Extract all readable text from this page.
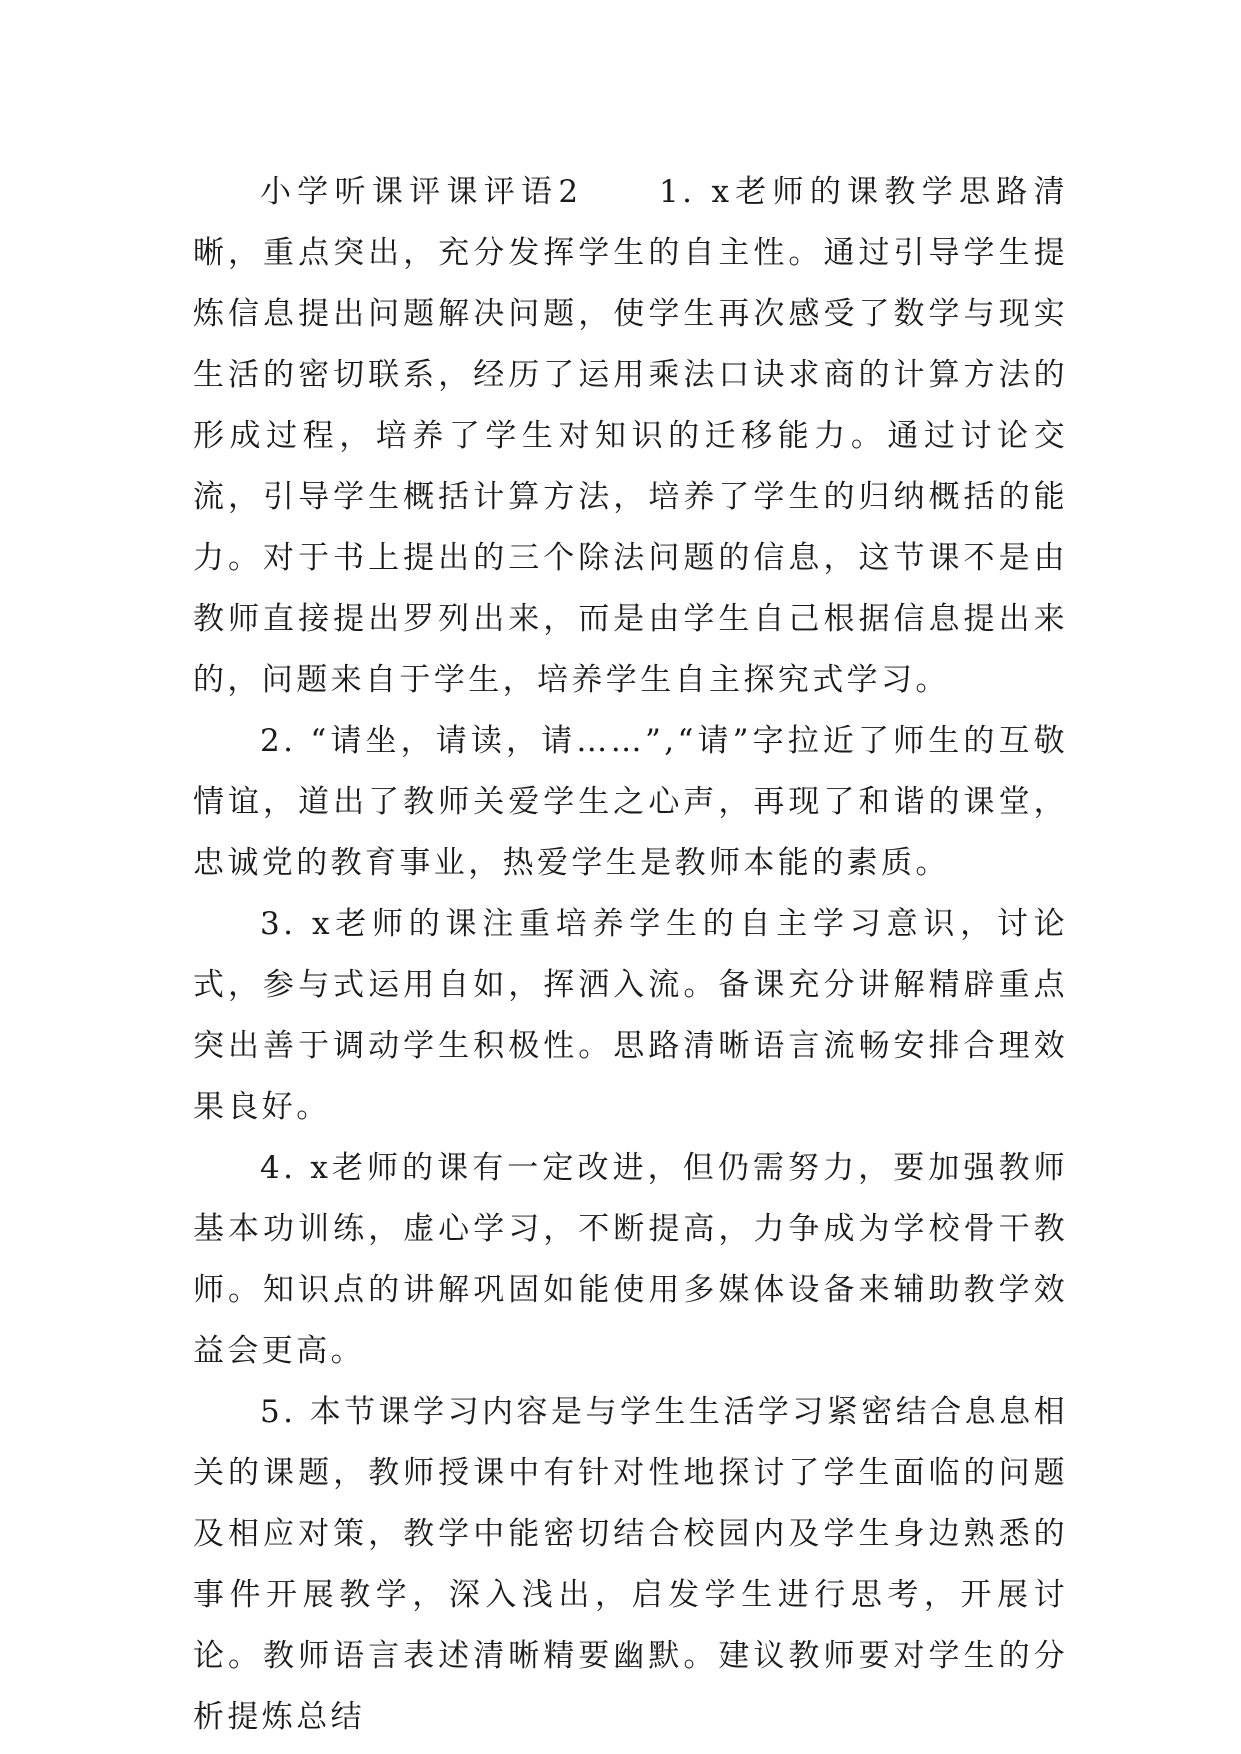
小学听课评课评语2　　1. x老师的课教学思路清晰，重点突出，充分发挥学生的自主性。通过引导学生提炼信息提出问题解决问题，使学生再次感受了数学与现实生活的密切联系，经历了运用乘法口诀求商的计算方法的形成过程，培养了学生对知识的迁移能力。通过讨论交流，引导学生概括计算方法，培养了学生的归纳概括的能力。对于书上提出的三个除法问题的信息，这节课不是由教师直接提出罗列出来，而是由学生自己根据信息提出来的，问题来自于学生，培养学生自主探究式学习。

2. “请坐，请读，请……”,“请”字拉近了师生的互敬情谊，道出了教师关爱学生之心声，再现了和谐的课堂，忠诚党的教育事业，热爱学生是教师本能的素质。

3. x老师的课注重培养学生的自主学习意识，讨论式，参与式运用自如，挥洒入流。备课充分讲解精辟重点突出善于调动学生积极性。思路清晰语言流畅安排合理效果良好。

4. x老师的课有一定改进，但仍需努力，要加强教师基本功训练，虚心学习，不断提高，力争成为学校骨干教师。知识点的讲解巩固如能使用多媒体设备来辅助教学效益会更高。

5. 本节课学习内容是与学生生活学习紧密结合息息相关的课题，教师授课中有针对性地探讨了学生面临的问题及相应对策，教学中能密切结合校园内及学生身边熟悉的事件开展教学，深入浅出，启发学生进行思考，开展讨论。教师语言表述清晰精要幽默。建议教师要对学生的分析提炼总结
